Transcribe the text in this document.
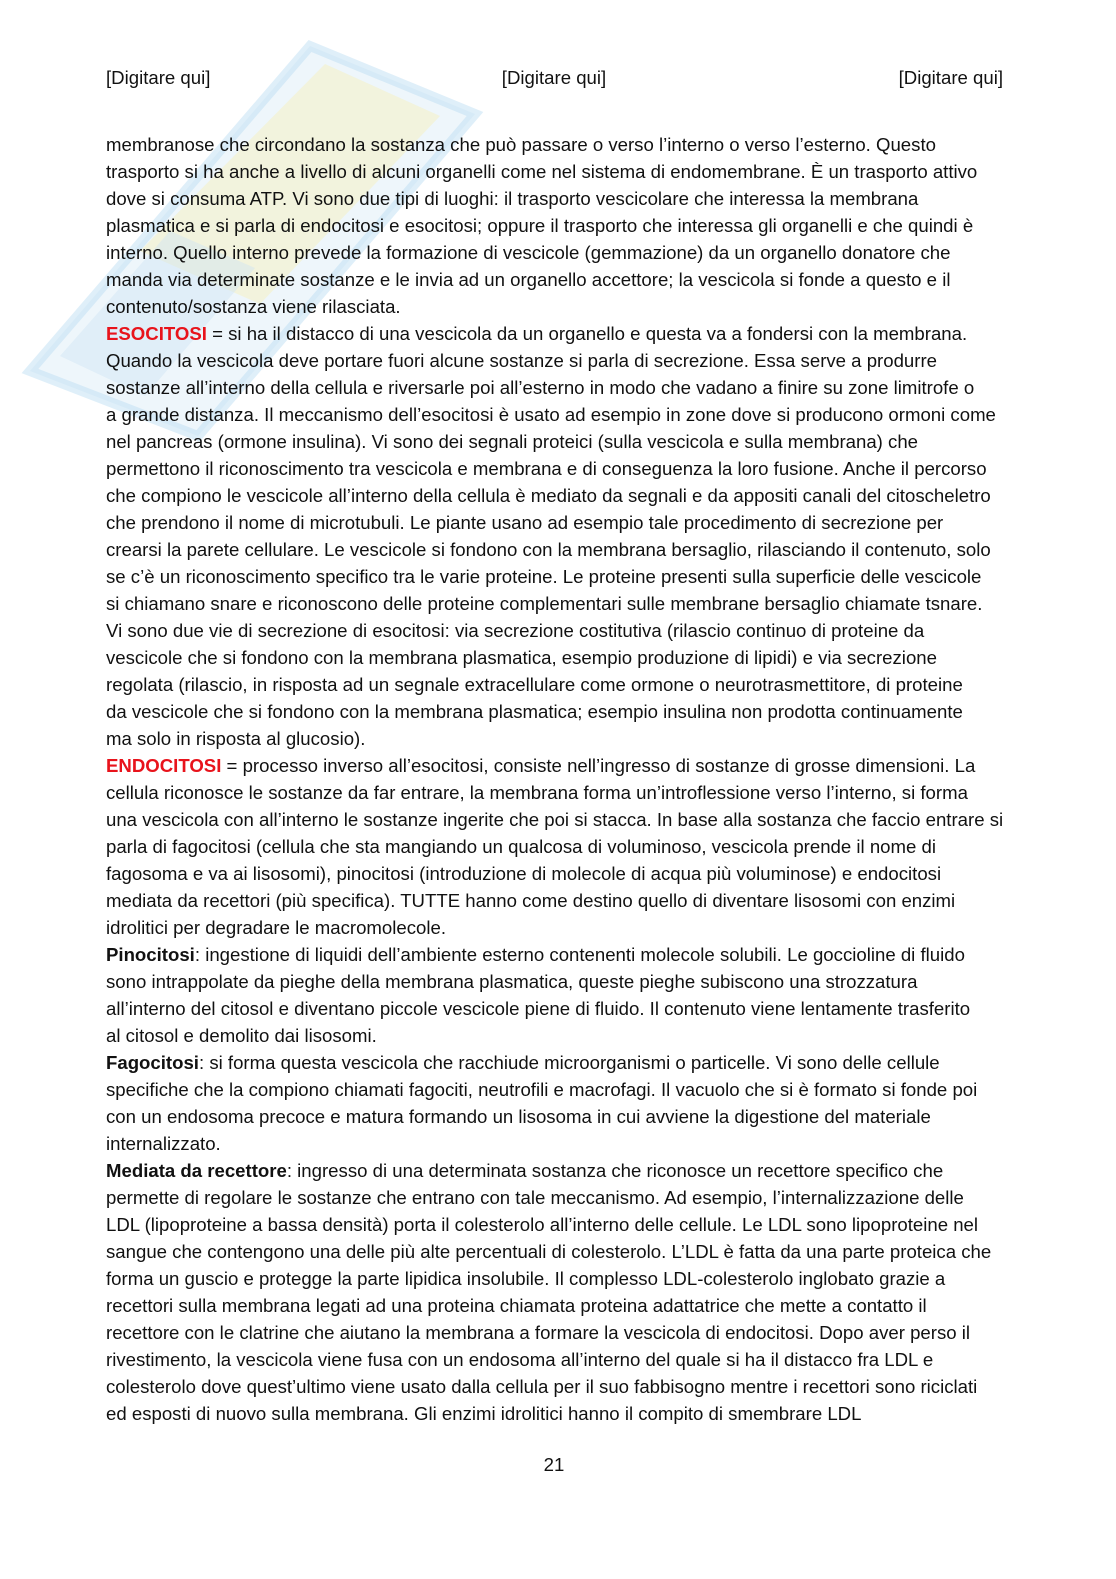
[Digitare qui]	[Digitare qui]	[Digitare qui]
membranose che circondano la sostanza che può passare o verso l’interno o verso l’esterno. Questo
trasporto si ha anche a livello di alcuni organelli come nel sistema di endomembrane. È un trasporto attivo
dove si consuma ATP. Vi sono due tipi di luoghi: il trasporto vescicolare che interessa la membrana
plasmatica e si parla di endocitosi e esocitosi; oppure il trasporto che interessa gli organelli e che quindi è
interno. Quello interno prevede la formazione di vescicole (gemmazione) da un organello donatore che
manda via determinate sostanze e le invia ad un organello accettore; la vescicola si fonde a questo e il
contenuto/sostanza viene rilasciata.
ESOCITOSI = si ha il distacco di una vescicola da un organello e questa va a fondersi con la membrana.
Quando la vescicola deve portare fuori alcune sostanze si parla di secrezione. Essa serve a produrre
sostanze all’interno della cellula e riversarle poi all’esterno in modo che vadano a finire su zone limitrofe o
a grande distanza. Il meccanismo dell’esocitosi è usato ad esempio in zone dove si producono ormoni come
nel pancreas (ormone insulina). Vi sono dei segnali proteici (sulla vescicola e sulla membrana) che
permettono il riconoscimento tra vescicola e membrana e di conseguenza la loro fusione. Anche il percorso
che compiono le vescicole all’interno della cellula è mediato da segnali e da appositi canali del citoscheletro
che prendono il nome di microtubuli. Le piante usano ad esempio tale procedimento di secrezione per
crearsi la parete cellulare. Le vescicole si fondono con la membrana bersaglio, rilasciando il contenuto, solo
se c’è un riconoscimento specifico tra le varie proteine. Le proteine presenti sulla superficie delle vescicole
si chiamano snare e riconoscono delle proteine complementari sulle membrane bersaglio chiamate tsnare.
Vi sono due vie di secrezione di esocitosi: via secrezione costitutiva (rilascio continuo di proteine da
vescicole che si fondono con la membrana plasmatica, esempio produzione di lipidi) e via secrezione
regolata (rilascio, in risposta ad un segnale extracellulare come ormone o neurotrasmettitore, di proteine
da vescicole che si fondono con la membrana plasmatica; esempio insulina non prodotta continuamente
ma solo in risposta al glucosio).
ENDOCITOSI = processo inverso all’esocitosi, consiste nell’ingresso di sostanze di grosse dimensioni. La
cellula riconosce le sostanze da far entrare, la membrana forma un’introflessione verso l’interno, si forma
una vescicola con all’interno le sostanze ingerite che poi si stacca. In base alla sostanza che faccio entrare si
parla di fagocitosi (cellula che sta mangiando un qualcosa di voluminoso, vescicola prende il nome di
fagosoma e va ai lisosomi), pinocitosi (introduzione di molecole di acqua più voluminose) e endocitosi
mediata da recettori (più specifica). TUTTE hanno come destino quello di diventare lisosomi con enzimi
idrolitici per degradare le macromolecole.
Pinocitosi: ingestione di liquidi dell’ambiente esterno contenenti molecole solubili. Le goccioline di fluido
sono intrappolate da pieghe della membrana plasmatica, queste pieghe subiscono una strozzatura
all’interno del citosol e diventano piccole vescicole piene di fluido. Il contenuto viene lentamente trasferito
al citosol e demolito dai lisosomi.
Fagocitosi: si forma questa vescicola che racchiude microorganismi o particelle. Vi sono delle cellule
specifiche che la compiono chiamati fagociti, neutrofili e macrofagi. Il vacuolo che si è formato si fonde poi
con un endosoma precoce e matura formando un lisosoma in cui avviene la digestione del materiale
internalizzato.
Mediata da recettore: ingresso di una determinata sostanza che riconosce un recettore specifico che
permette di regolare le sostanze che entrano con tale meccanismo. Ad esempio, l’internalizzazione delle
LDL (lipoproteine a bassa densità) porta il colesterolo all’interno delle cellule. Le LDL sono lipoproteine nel
sangue che contengono una delle più alte percentuali di colesterolo. L’LDL è fatta da una parte proteica che
forma un guscio e protegge la parte lipidica insolubile. Il complesso LDL-colesterolo inglobato grazie a
recettori sulla membrana legati ad una proteina chiamata proteina adattatrice che mette a contatto il
recettore con le clatrine che aiutano la membrana a formare la vescicola di endocitosi. Dopo aver perso il
rivestimento, la vescicola viene fusa con un endosoma all’interno del quale si ha il distacco fra LDL e
colesterolo dove quest’ultimo viene usato dalla cellula per il suo fabbisogno mentre i recettori sono riciclati
ed esposti di nuovo sulla membrana. Gli enzimi idrolitici hanno il compito di smembrare LDL
21
